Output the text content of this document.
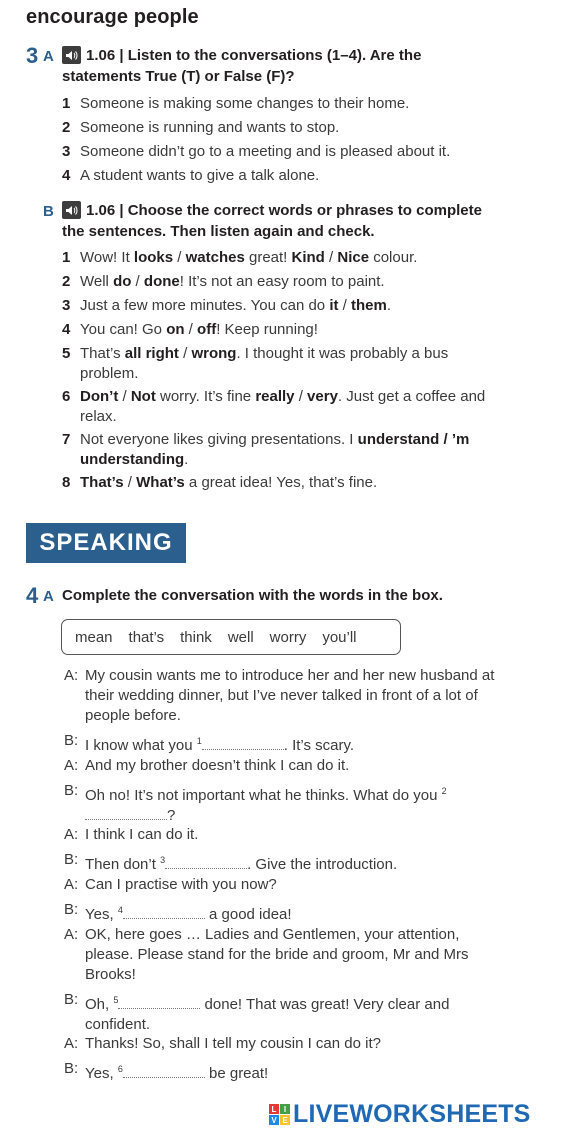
encourage people
3 A 1.06 | Listen to the conversations (1–4). Are the
statements True (T) or False (F)?
1 Someone is making some changes to their home.
2 Someone is running and wants to stop.
3 Someone didn’t go to a meeting and is pleased about it.
4 A student wants to give a talk alone.
B 1.06 | Choose the correct words or phrases to complete
the sentences. Then listen again and check.
1 Wow! It looks / watches great! Kind / Nice colour.
2 Well do / done! It’s not an easy room to paint.
3 Just a few more minutes. You can do it / them.
4 You can! Go on / off! Keep running!
5 That’s all right / wrong. I thought it was probably a bus problem.
6 Don’t / Not worry. It’s fine really / very. Just get a coffee and relax.
7 Not everyone likes giving presentations. I understand / ’m understanding.
8 That’s / What’s a great idea! Yes, that’s fine.
SPEAKING
4 A Complete the conversation with the words in the box.
mean that’s think well worry you’ll
A: My cousin wants me to introduce her and her new husband at their wedding dinner, but I’ve never talked in front of a lot of people before.
B: I know what you $^1$	. It’s scary.
A: And my brother doesn’t think I can do it.
B: Oh no! It’s not important what he thinks. What do you $^2$?
A: I think I can do it.
B: Then don’t $^3$	. Give the introduction.
A: Can I practise with you now?
B: Yes, $^4$	a good idea!
A: OK, here goes … Ladies and Gentlemen, your attention, please. Please stand for the bride and groom, Mr and Mrs Brooks!
B: Oh, $^5$	done! That was great! Very clear and confident.
A: Thanks! So, shall I tell my cousin I can do it?
B: Yes, $^6$	be great!
L I
V E LIVEWORKSHEETS
